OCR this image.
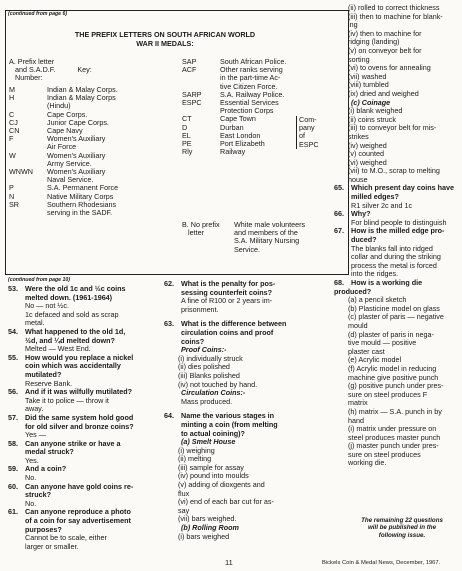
(continued from page 6)
THE PREFIX LETTERS ON SOUTH AFRICAN WORLD
WAR II MEDALS:
A. Prefix letter
and S.A.D.F.	Key:
Number:
M	Indian & Malay Corps.
H	Indian & Malay Corps
(Hindu)
C	Cape Corps.
CJ	Junior Cape Corps.
CN	Cape Navy
F	Women's Auxiliary
Air Force
W	Women's Auxiliary
Army Service.
WNWN	Women's Auxiliary
Naval Service.
P	S.A. Permanent Force
N	Native Military Corps
SR	Southern Rhodesians
serving in the SADF.
SAP	South African Police.
ACF	Other ranks serving
in the part-time Ac-
tive Citizen Force.
SARP	S.A. Railway Police.
ESPC	Essential Services
Protection Corps
CT	Cape Town
D	Durban
EL	East London
PE	Port Elizabeth
Rly	Railway
Com-
pany
of
ESPC
B. No prefix
letter
White male volunteers
and members of the
S.A. Military Nursing
Service.
(continued from page 10)
53. Were the old 1c and ½c coins
melted down. (1961-1964)
No — not ½c.
1c defaced and sold as scrap
metal.
54. What happened to the old 1d,
½d, and ¼d melted down?
Melted — West End.
55. How would you replace a nickel
coin which was accidentally
mutilated?
Reserve Bank.
56. And if it was wilfully mutilated?
Take it to police — throw it
away.
57. Did the same system hold good
for old silver and bronze coins?
Yes —
58. Can anyone strike or have a
medal struck?
Yes.
59. And a coin?
No.
60. Can anyone have gold coins re-
struck?
No.
61. Can anyone reproduce a photo
of a coin for say advertisement
purposes?
Cannot be to scale, either
larger or smaller.
62. What is the penalty for pos-
sessing counterfeit coins?
A fine of R100 or 2 years im-
prisonment.
63. What is the difference between
circulation coins and proof
coins?
Proof Coins:-
(i) individually struck
(ii) dies polished
(iii) Blanks polished
(iv) not touched by hand.
Circulation Coins:-
Mass produced.
64. Name the various stages in
minting a coin (from melting
to actual coining)?
(a) Smelt House
(i) weighing
(ii) melting
(iii) sample for assay
(iv) pound into moulds
(v) adding of dioxgents and
flux
(vi) end of each bar cut for as-
say
(vii) bars weighed.
(b) Rolling Room
(i) bars weighed
(ii) rolled to correct thickness
(iii) then to machine for blank-
ing
(iv) then to machine for
ridging (landing)
(v) on conveyor belt for
sorting
(vi) to ovens for annealing
(vii) washed
(viii) tumbled
(ix) dried and weighed
(c) Coinage
(i) blank weighed
(ii) coins struck
(iii) to conveyor belt for mis-
strikes
(iv) weighed
(v) counted
(vi) weighed
(vii) to M.O., scrap to melting
house
65. Which present day coins have
milled edges?
R1 silver 2c and 1c
66. Why?
For blind people to distinguish
67. How is the milled edge pro-
duced?
The blanks fall into ridged
collar and during the striking
process the metal is forced
into the ridges.
68. How is a working die produced?
(a) a pencil sketch
(b) Plasticine model on glass
(c) plaster of paris — negative
mould
(d) plaster of paris in nega-
tive mould — positive
plaster cast
(e) Acrylic model
(f) Acrylic model in reducing
machine give positive punch
(g) positive punch under pres-
sure on steel produces F
matrix
(h) matrix — S.A. punch in by
hand
(i) matrix under pressure on
steel produces master punch
(j) master punch under pres-
sure on steel produces
working die.
The remaining 22 questions
will be published in the
following issue.
11	Bickels Coin & Medal News, December, 1967.
